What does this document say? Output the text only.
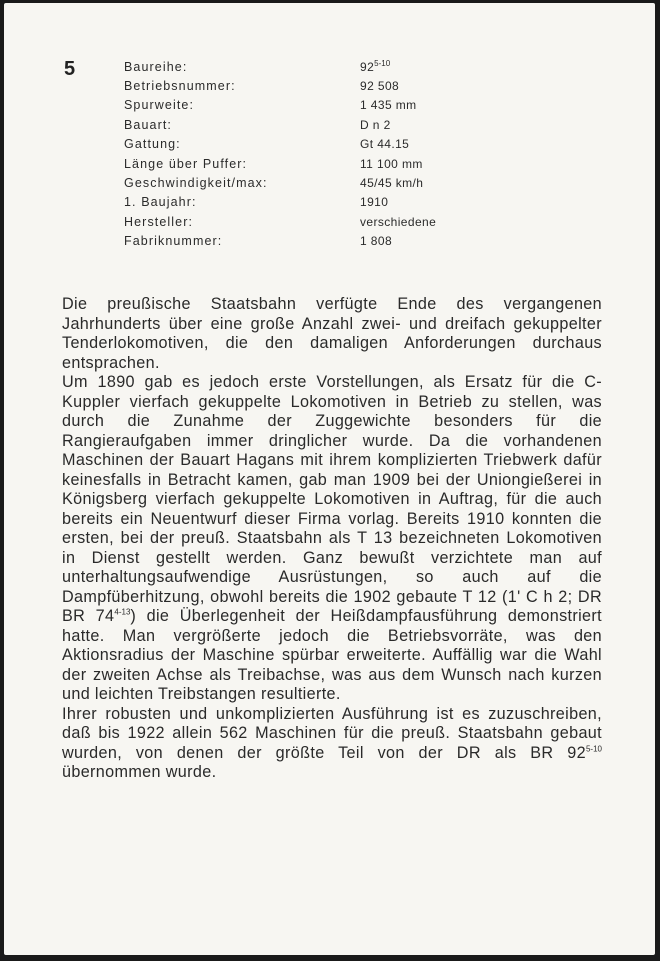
5	Baureihe:	92$^{5-10}$
Betriebsnummer:	92 508
Spurweite:	1 435 mm
Bauart:	D n 2
Gattung:	Gt 44.15
Länge über Puffer:	11 100 mm
Geschwindigkeit/max:	45/45 km/h
1. Baujahr:	1910
Hersteller:	verschiedene
Fabriknummer:	1 808

Die preußische Staatsbahn verfügte Ende des vergangenen Jahrhunderts über eine große Anzahl zwei- und dreifach gekuppelter Tenderlokomotiven, die den damaligen Anforderungen durchaus entsprachen.

Um 1890 gab es jedoch erste Vorstellungen, als Ersatz für die C-Kuppler vierfach gekuppelte Lokomotiven in Betrieb zu stellen, was durch die Zunahme der Zuggewichte besonders für die Rangieraufgaben immer dringlicher wurde. Da die vorhandenen Maschinen der Bauart Hagans mit ihrem komplizierten Triebwerk dafür keinesfalls in Betracht kamen, gab man 1909 bei der Uniongießerei in Königsberg vierfach gekuppelte Lokomotiven in Auftrag, für die auch bereits ein Neuentwurf dieser Firma vorlag. Bereits 1910 konnten die ersten, bei der preuß. Staatsbahn als T 13 bezeichneten Lokomotiven in Dienst gestellt werden. Ganz bewußt verzichtete man auf unterhaltungsaufwendige Ausrüstungen, so auch auf die Dampfüberhitzung, obwohl bereits die 1902 gebaute T 12 (1' C h 2; DR BR 74$^{4-13}$) die Überlegenheit der Heißdampfausführung demonstriert hatte. Man vergrößerte jedoch die Betriebsvorräte, was den Aktionsradius der Maschine spürbar erweiterte. Auffällig war die Wahl der zweiten Achse als Treibachse, was aus dem Wunsch nach kurzen und leichten Treibstangen resultierte.

Ihrer robusten und unkomplizierten Ausführung ist es zuzuschreiben, daß bis 1922 allein 562 Maschinen für die preuß. Staatsbahn gebaut wurden, von denen der größte Teil von der DR als BR 92$^{5-10}$ übernommen wurde.
